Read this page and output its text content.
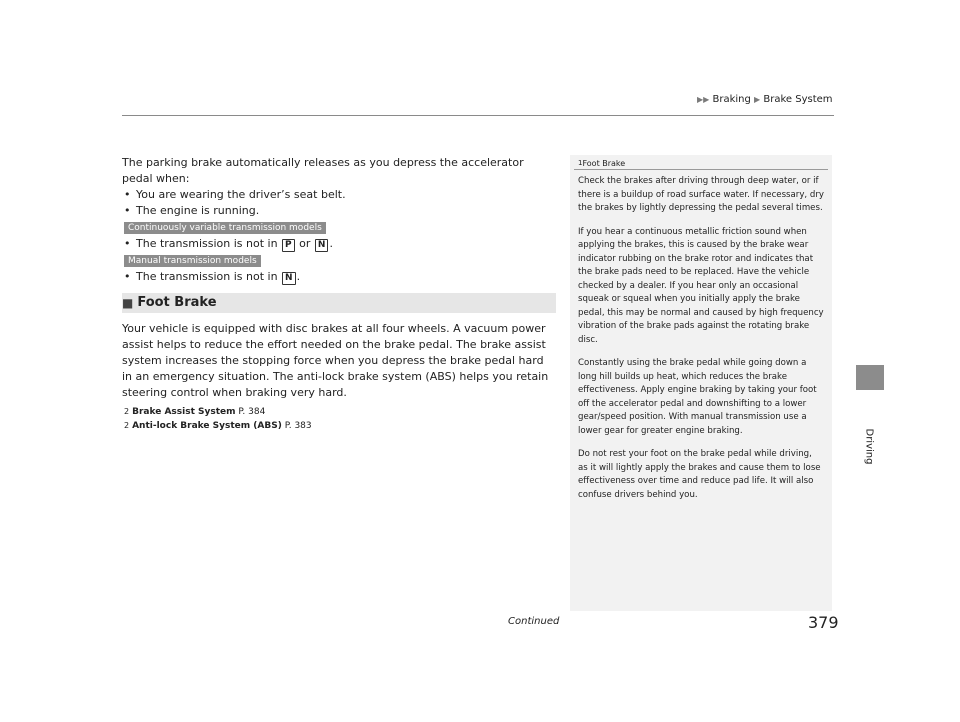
▶▶ Braking ▶ Brake System
Driving

The parking brake automatically releases as you depress the accelerator pedal when:

• You are wearing the driver’s seat belt.

• The engine is running.

Continuously variable transmission models

• The transmission is not in P or N .

Manual transmission models

• The transmission is not in N .

■ Foot Brake

Your vehicle is equipped with disc brakes at all four wheels. A vacuum power assist helps to reduce the effort needed on the brake pedal. The brake assist system increases the stopping force when you depress the brake pedal hard in an emergency situation. The anti-lock brake system (ABS) helps you retain steering control when braking very hard.

2 Brake Assist System P. 384
2 Anti-lock Brake System (ABS) P. 383
1Foot Brake

Check the brakes after driving through deep water, or if there is a buildup of road surface water. If necessary, dry the brakes by lightly depressing the pedal several times.

If you hear a continuous metallic friction sound when applying the brakes, this is caused by the brake wear indicator rubbing on the brake rotor and indicates that the brake pads need to be replaced. Have the vehicle checked by a dealer. If you hear only an occasional squeak or squeal when you initially apply the brake pedal, this may be normal and caused by high frequency vibration of the brake pads against the rotating brake disc.

Constantly using the brake pedal while going down a long hill builds up heat, which reduces the brake effectiveness. Apply engine braking by taking your foot off the accelerator pedal and downshifting to a lower gear/speed position. With manual transmission use a lower gear for greater engine braking.

Do not rest your foot on the brake pedal while driving, as it will lightly apply the brakes and cause them to lose effectiveness over time and reduce pad life. It will also confuse drivers behind you.

Continued	379
